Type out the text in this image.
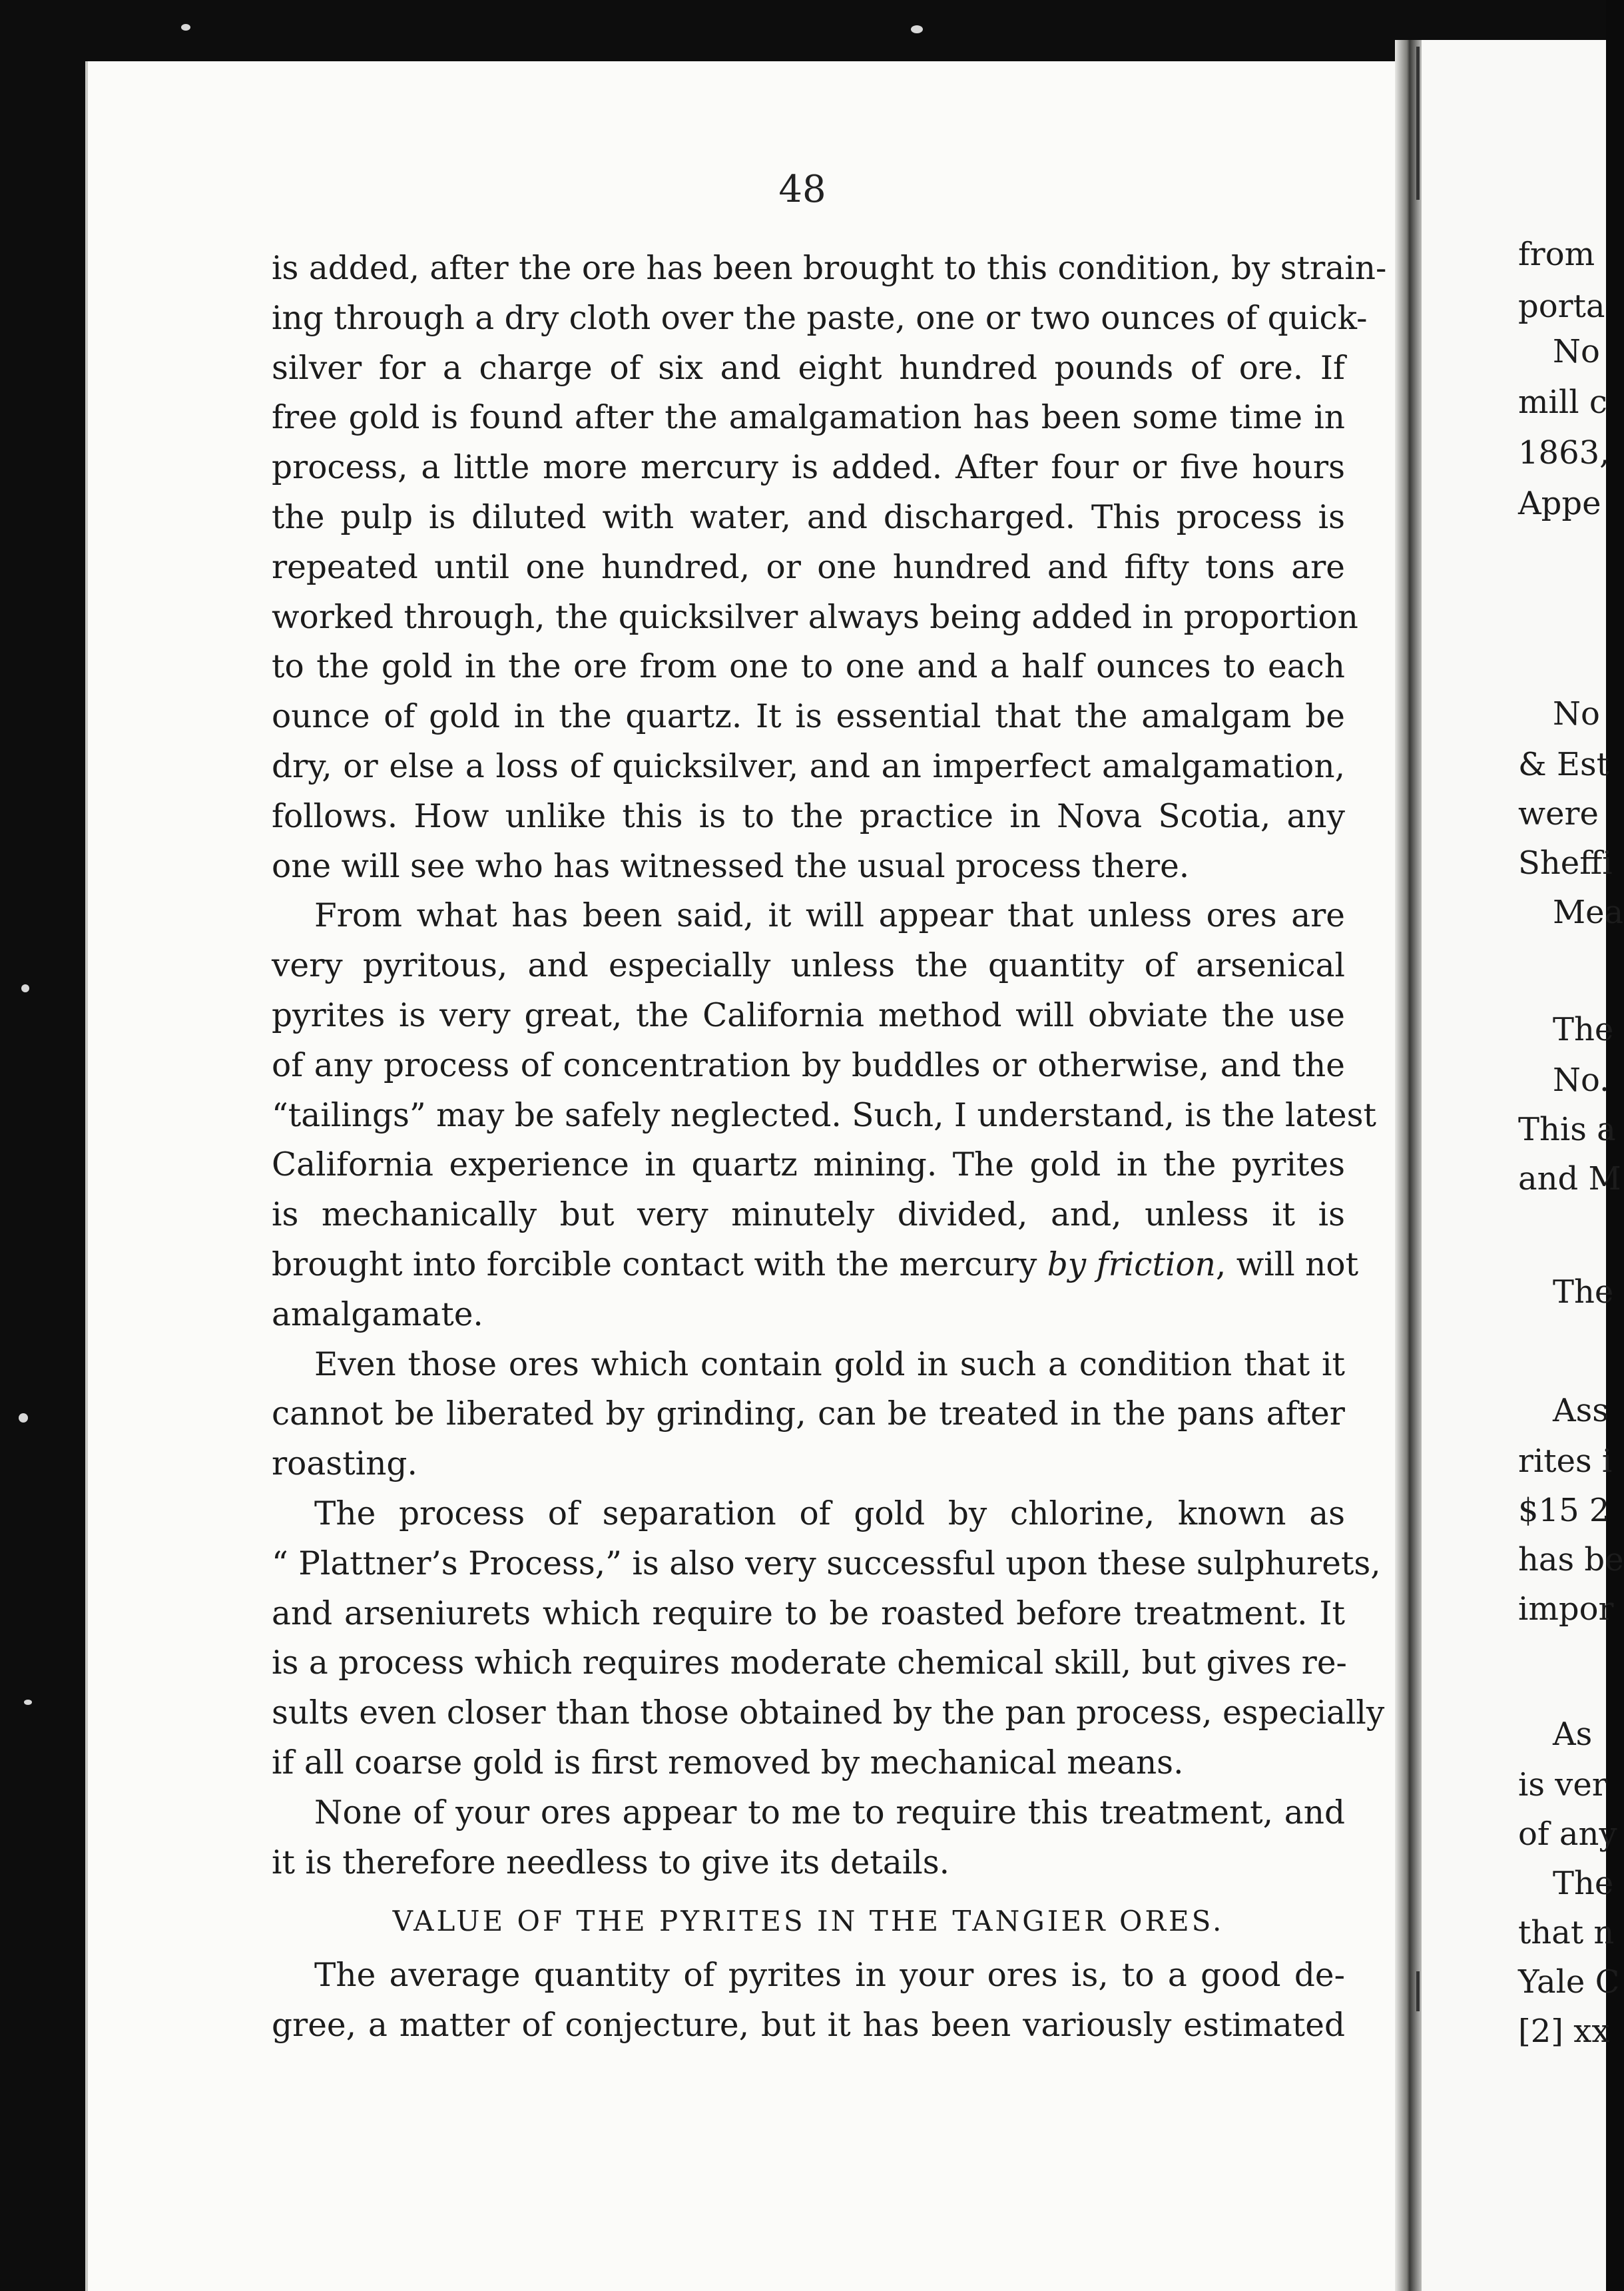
48
is added, after the ore has been brought to this condition, by strain-
ing through a dry cloth over the paste, one or two ounces of quick-
silver for a charge of six and eight hundred pounds of ore. If
free gold is found after the amalgamation has been some time in
process, a little more mercury is added. After four or five hours
the pulp is diluted with water, and discharged. This process is
repeated until one hundred, or one hundred and fifty tons are
worked through, the quicksilver always being added in proportion
to the gold in the ore from one to one and a half ounces to each
ounce of gold in the quartz. It is essential that the amalgam be
dry, or else a loss of quicksilver, and an imperfect amalgamation,
follows. How unlike this is to the practice in Nova Scotia, any
one will see who has witnessed the usual process there.
From what has been said, it will appear that unless ores are
very pyritous, and especially unless the quantity of arsenical
pyrites is very great, the California method will obviate the use
of any process of concentration by buddles or otherwise, and the
“tailings” may be safely neglected. Such, I understand, is the latest
California experience in quartz mining. The gold in the pyrites
is mechanically but very minutely divided, and, unless it is
brought into forcible contact with the mercury by friction, will not
amalgamate.
Even those ores which contain gold in such a condition that it
cannot be liberated by grinding, can be treated in the pans after
roasting.
The process of separation of gold by chlorine, known as
“ Plattner’s Process,” is also very successful upon these sulphurets,
and arseniurets which require to be roasted before treatment. It
is a process which requires moderate chemical skill, but gives re-
sults even closer than those obtained by the pan process, especially
if all coarse gold is first removed by mechanical means.
None of your ores appear to me to require this treatment, and
it is therefore needless to give its details.
VALUE OF THE PYRITES IN THE TANGIER ORES.
The average quantity of pyrites in your ores is, to a good de-
gree, a matter of conjecture, but it has been variously estimated
from
porta
No
mill c
1863,
Appe
No
& Est
were
Sheffi
Mea
The
No.
This a
and M
The
Ass
rites i
$15 2
has be
impor
As
is ver
of any
The
that n
Yale C
[2] xx
